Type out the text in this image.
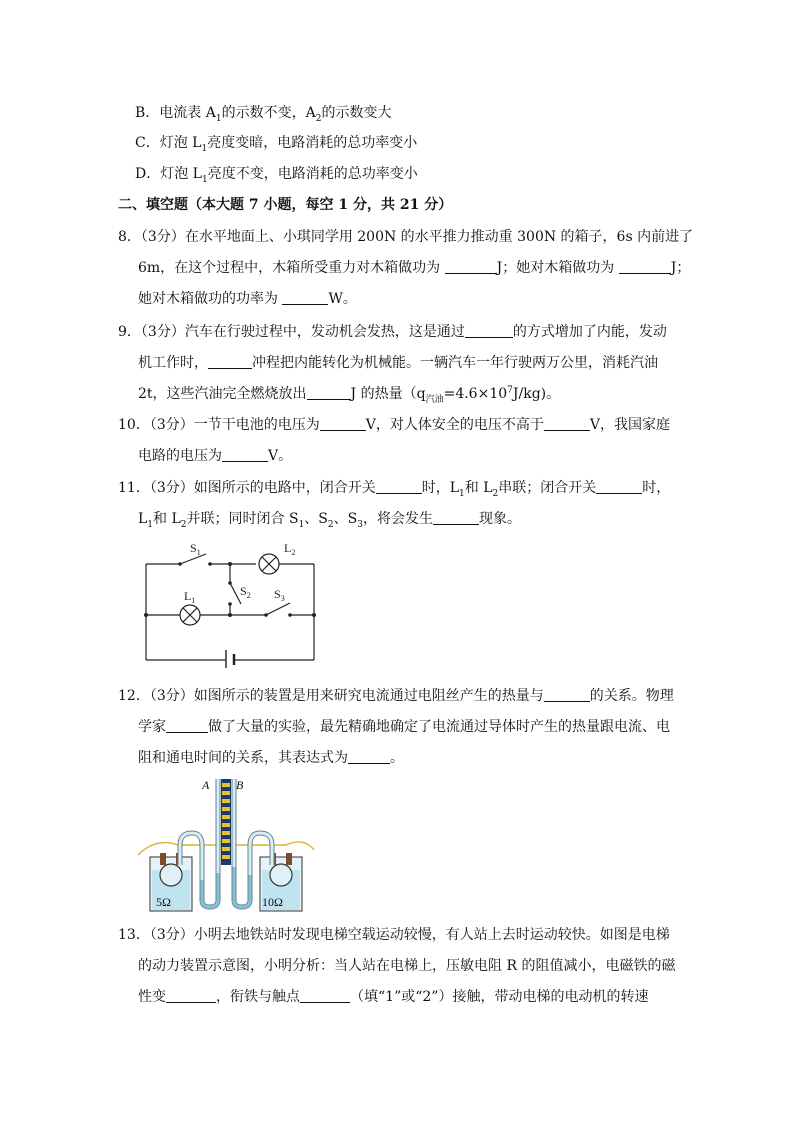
B．电流表 $A_1$的示数不变，$A_2$的示数变大
C．灯泡 $L_1$亮度变暗，电路消耗的总功率变小
D．灯泡 $L_1$亮度不变，电路消耗的总功率变小
二、填空题（本大题 7 小题，每空 1 分，共 21 分）
8．（3分）在水平地面上、小琪同学用 200N 的水平推力推动重 300N 的箱子，6s 内前进了
6m，在这个过程中，木箱所受重力对木箱做功为	J；她对木箱做功为	J；
她对木箱做功的功率为	W。
9．（3分）汽车在行驶过程中，发动机会发热，这是通过	的方式增加了内能，发动
机工作时，	冲程把内能转化为机械能。一辆汽车一年行驶两万公里，消耗汽油
2t，这些汽油完全燃烧放出	J 的热量$(q_{汽油}=4.6\times 10^7J/kg)$。
10．（3分）一节干电池的电压为	V，对人体安全的电压不高于	V，我国家庭
电路的电压为	V。
11．（3分）如图所示的电路中，闭合开关	时，$L_1$和 $L_2$串联；闭合开关	时，
$L_1$和 $L_2$并联；同时闭合 $S_1$、$S_2$、$S_3$，将会发生	现象。
$S_1$	$L_2$
$L_1$
$S_2$ $S_3$
12．（3分）如图所示的装置是用来研究电流通过电阻丝产生的热量与	的关系。物理
学家	做了大量的实验，最先精确地确定了电流通过导体时产生的热量跟电流、电
阻和通电时间的关系，其表达式为	。
5Ω	10Ω
A B
13．（3分）小明去地铁站时发现电梯空载运动较慢，有人站上去时运动较快。如图是电梯
的动力装置示意图，小明分析：当人站在电梯上，压敏电阻 R 的阻值减小，电磁铁的磁
性变	，衔铁与触点	（填“1”或“2”）接触，带动电梯的电动机的转速
